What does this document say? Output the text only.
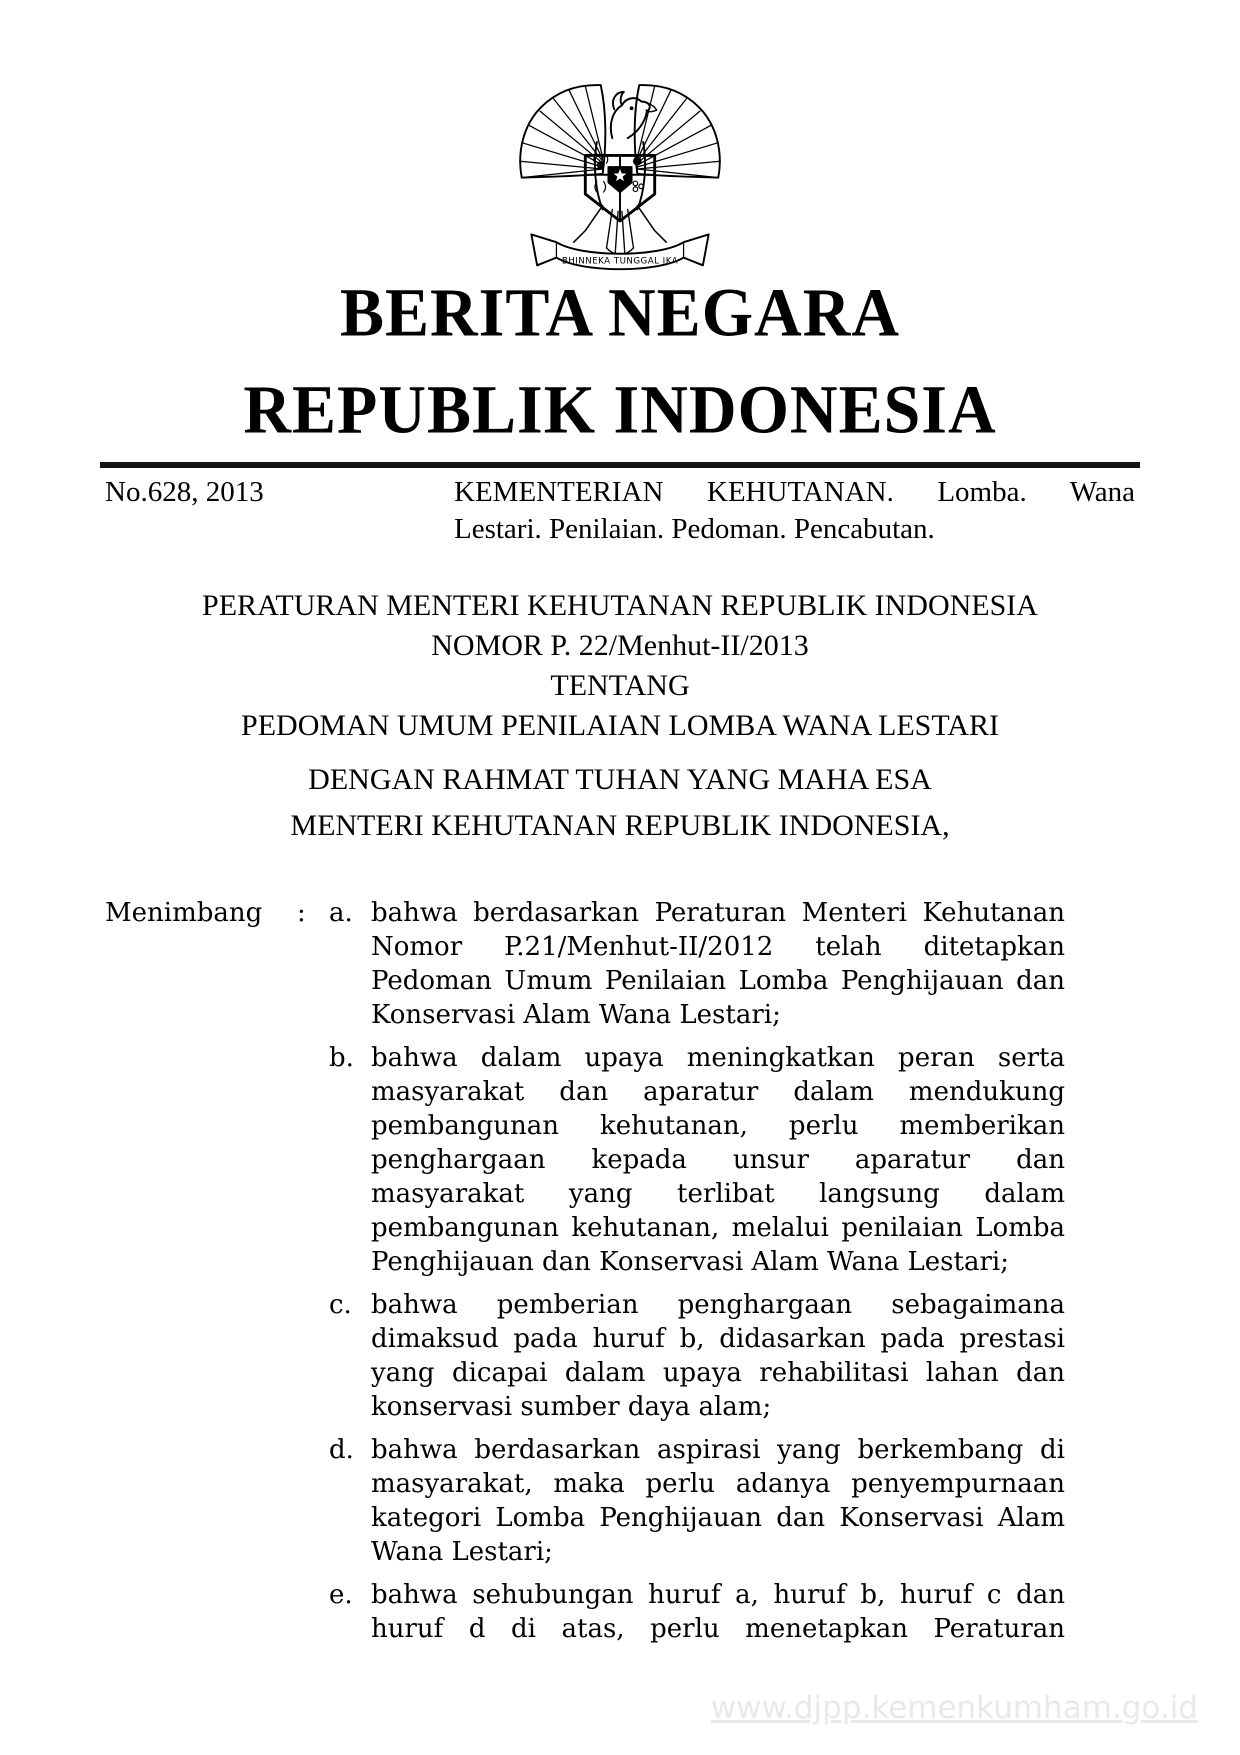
BHINNEKA TUNGGAL IKA
BERITA NEGARA
REPUBLIK INDONESIA
No.628, 2013	KEMENTERIAN KEHUTANAN. Lomba. Wana
Lestari. Penilaian. Pedoman. Pencabutan.
PERATURAN MENTERI KEHUTANAN REPUBLIK INDONESIA
NOMOR P. 22/Menhut-II/2013
TENTANG
PEDOMAN UMUM PENILAIAN LOMBA WANA LESTARI
DENGAN RAHMAT TUHAN YANG MAHA ESA
MENTERI KEHUTANAN REPUBLIK INDONESIA,
Menimbang	: a. bahwa berdasarkan Peraturan Menteri Kehutanan Nomor P.21/Menhut-II/2012 telah ditetapkan Pedoman Umum Penilaian Lomba Penghijauan dan Konservasi Alam Wana Lestari;
b. bahwa dalam upaya meningkatkan peran serta masyarakat dan aparatur dalam mendukung pembangunan kehutanan, perlu memberikan penghargaan kepada unsur aparatur dan masyarakat yang terlibat langsung dalam pembangunan kehutanan, melalui penilaian Lomba Penghijauan dan Konservasi Alam Wana Lestari;
c. bahwa pemberian penghargaan sebagaimana dimaksud pada huruf b, didasarkan pada prestasi yang dicapai dalam upaya rehabilitasi lahan dan konservasi sumber daya alam;
d. bahwa berdasarkan aspirasi yang berkembang di masyarakat, maka perlu adanya penyempurnaan kategori Lomba Penghijauan dan Konservasi Alam Wana Lestari;
e. bahwa sehubungan huruf a, huruf b, huruf c dan huruf d di atas, perlu menetapkan Peraturan
www.djpp.kemenkumham.go.id
